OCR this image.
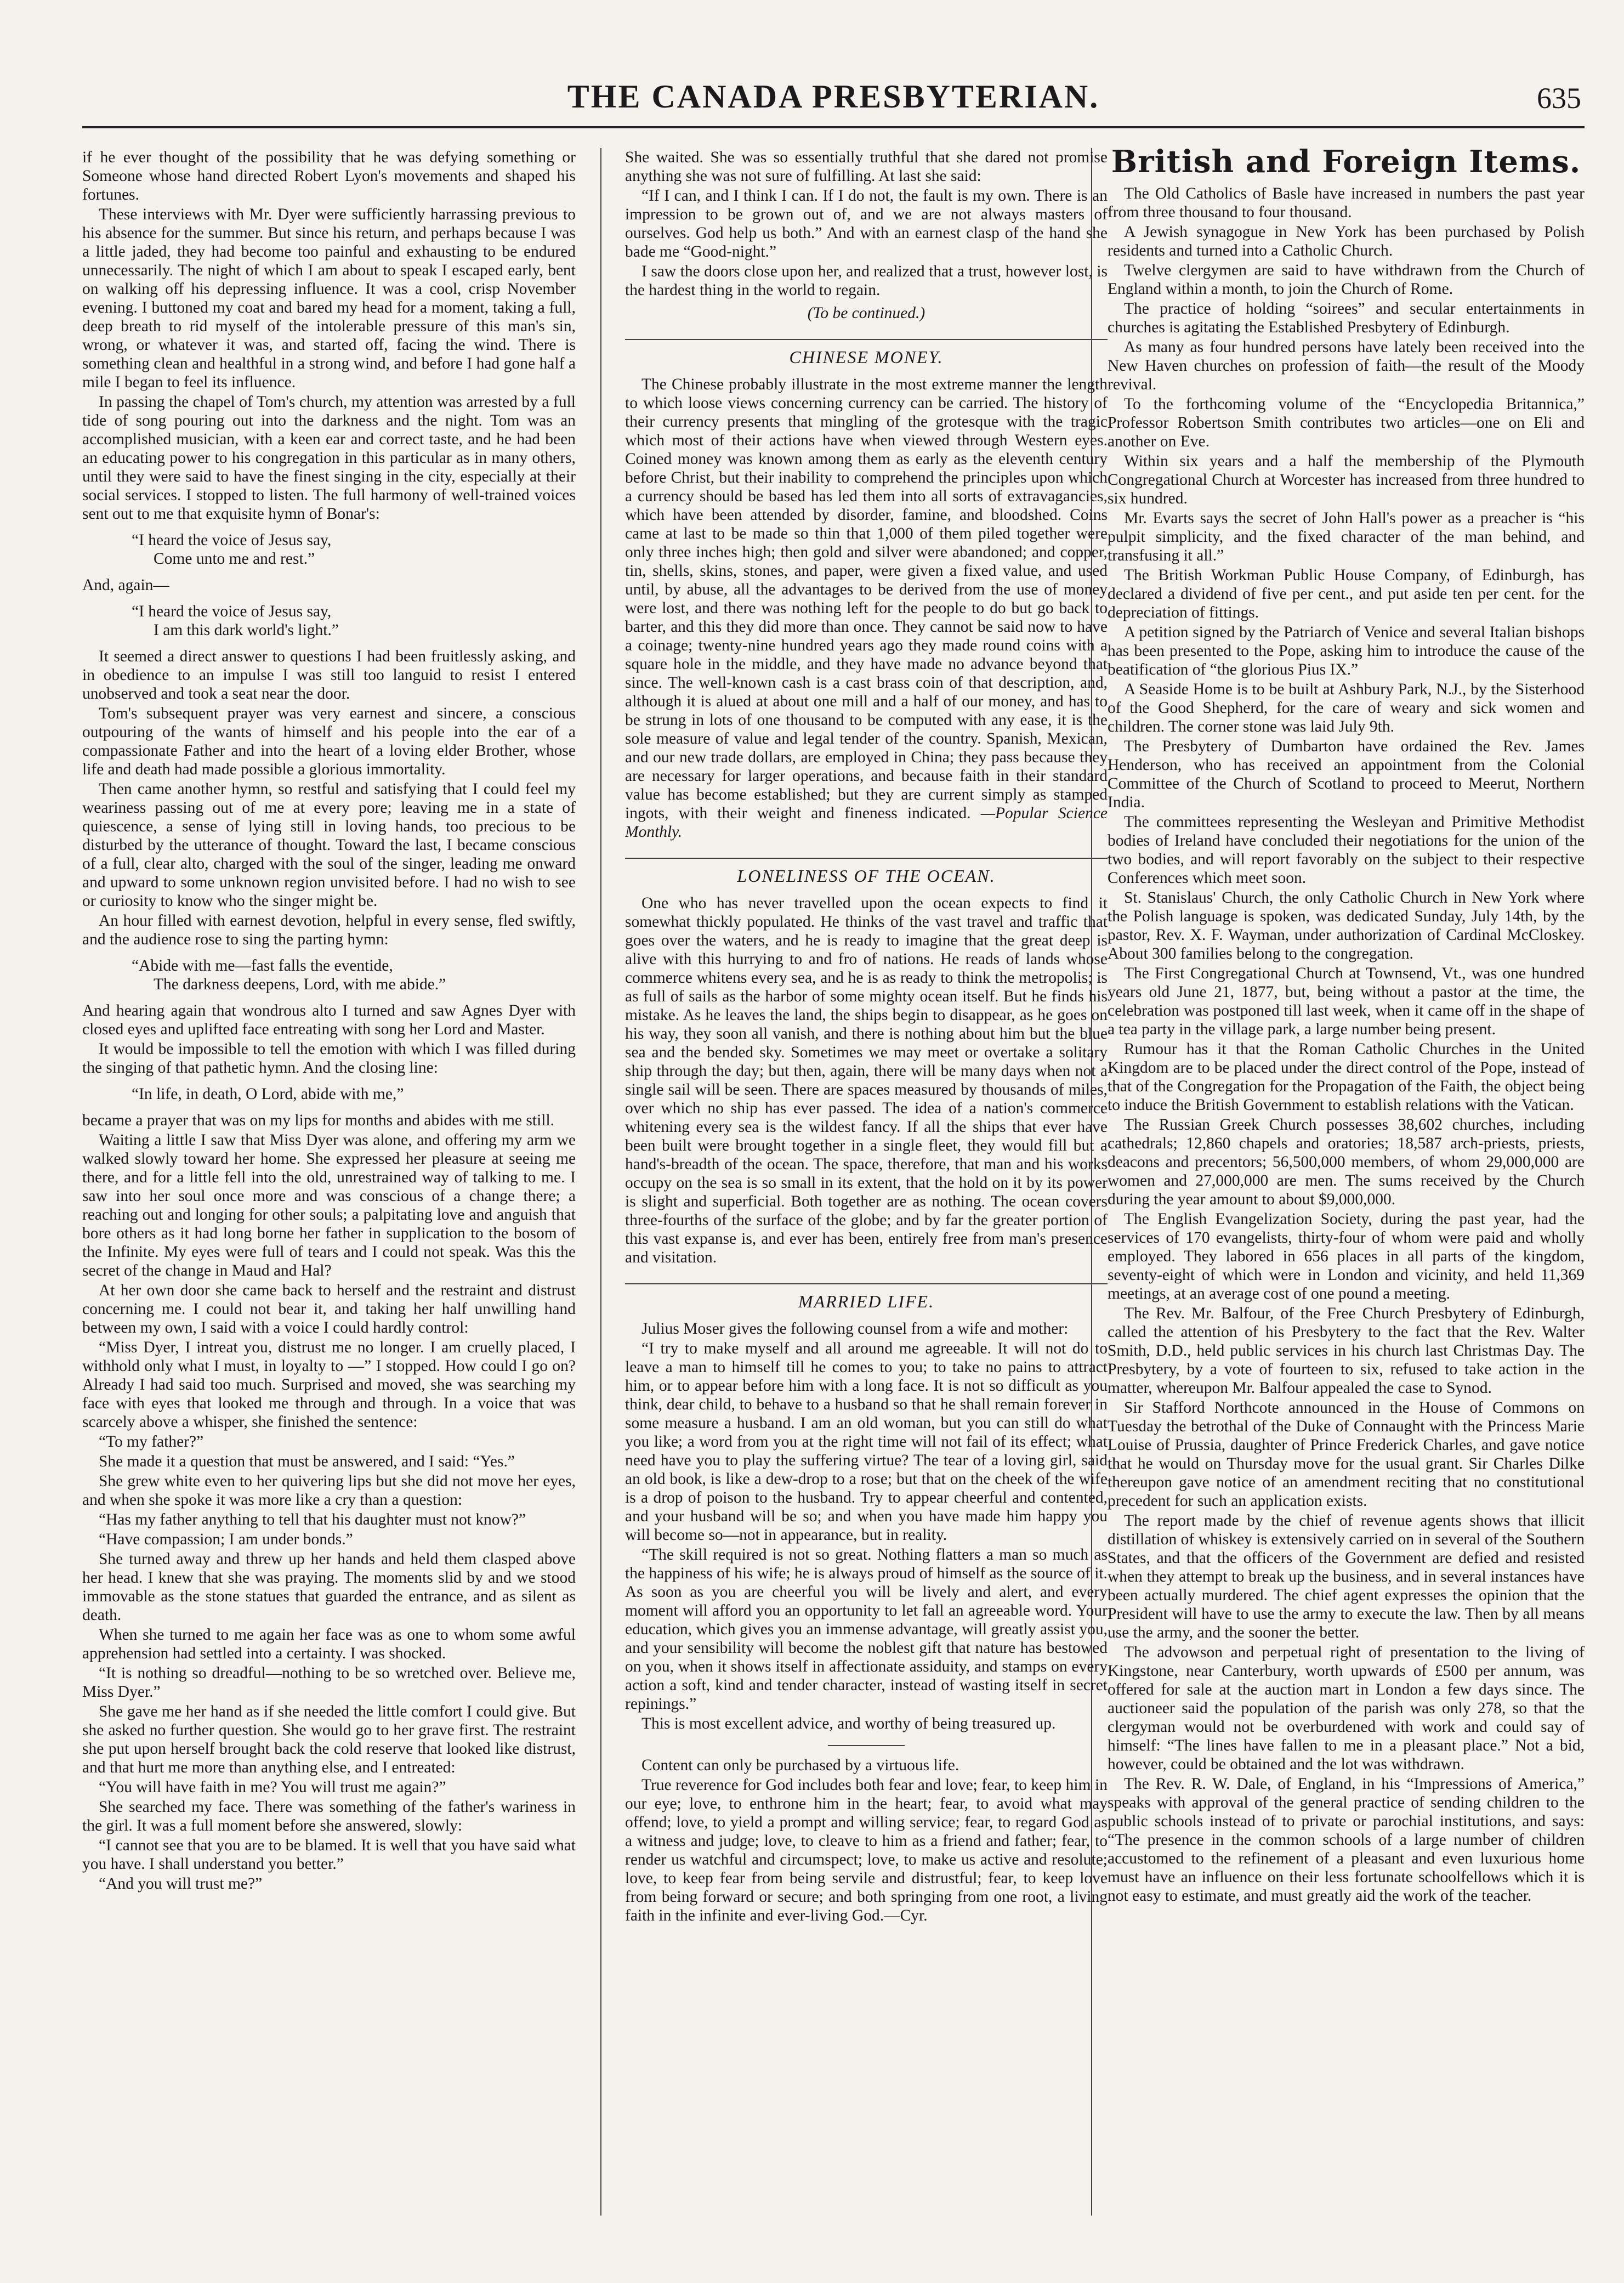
THE CANADA PRESBYTERIAN.	635

if he ever thought of the possibility that he was defying something or Someone whose hand directed Robert Lyon's movements and shaped his fortunes.

These interviews with Mr. Dyer were sufficiently harrassing previous to his absence for the summer. But since his return, and perhaps because I was a little jaded, they had become too painful and exhausting to be endured unnecessarily. The night of which I am about to speak I escaped early, bent on walking off his depressing influence. It was a cool, crisp November evening. I buttoned my coat and bared my head for a moment, taking a full, deep breath to rid myself of the intolerable pressure of this man's sin, wrong, or whatever it was, and started off, facing the wind. There is something clean and healthful in a strong wind, and before I had gone half a mile I began to feel its influence.

In passing the chapel of Tom's church, my attention was arrested by a full tide of song pouring out into the darkness and the night. Tom was an accomplished musician, with a keen ear and correct taste, and he had been an educating power to his congregation in this particular as in many others, until they were said to have the finest singing in the city, especially at their social services. I stopped to listen. The full harmony of well-trained voices sent out to me that exquisite hymn of Bonar's:

“I heard the voice of Jesus say,
Come unto me and rest.”

And, again—

“I heard the voice of Jesus say,
I am this dark world's light.”

It seemed a direct answer to questions I had been fruitlessly asking, and in obedience to an impulse I was still too languid to resist I entered unobserved and took a seat near the door.

Tom's subsequent prayer was very earnest and sincere, a conscious outpouring of the wants of himself and his people into the ear of a compassionate Father and into the heart of a loving elder Brother, whose life and death had made possible a glorious immortality.

Then came another hymn, so restful and satisfying that I could feel my weariness passing out of me at every pore; leaving me in a state of quiescence, a sense of lying still in loving hands, too precious to be disturbed by the utterance of thought. Toward the last, I became conscious of a full, clear alto, charged with the soul of the singer, leading me onward and upward to some unknown region unvisited before. I had no wish to see or curiosity to know who the singer might be.

An hour filled with earnest devotion, helpful in every sense, fled swiftly, and the audience rose to sing the parting hymn:

“Abide with me—fast falls the eventide,
The darkness deepens, Lord, with me abide.”

And hearing again that wondrous alto I turned and saw Agnes Dyer with closed eyes and uplifted face entreating with song her Lord and Master.

It would be impossible to tell the emotion with which I was filled during the singing of that pathetic hymn. And the closing line:

“In life, in death, O Lord, abide with me,”

became a prayer that was on my lips for months and abides with me still.

Waiting a little I saw that Miss Dyer was alone, and offering my arm we walked slowly toward her home. She expressed her pleasure at seeing me there, and for a little fell into the old, unrestrained way of talking to me. I saw into her soul once more and was conscious of a change there; a reaching out and longing for other souls; a palpitating love and anguish that bore others as it had long borne her father in supplication to the bosom of the Infinite. My eyes were full of tears and I could not speak. Was this the secret of the change in Maud and Hal?

At her own door she came back to herself and the restraint and distrust concerning me. I could not bear it, and taking her half unwilling hand between my own, I said with a voice I could hardly control:

“Miss Dyer, I intreat you, distrust me no longer. I am cruelly placed, I withhold only what I must, in loyalty to —” I stopped. How could I go on? Already I had said too much. Surprised and moved, she was searching my face with eyes that looked me through and through. In a voice that was scarcely above a whisper, she finished the sentence:

“To my father?”

She made it a question that must be answered, and I said: “Yes.”

She grew white even to her quivering lips but she did not move her eyes, and when she spoke it was more like a cry than a question:

“Has my father anything to tell that his daughter must not know?”

“Have compassion; I am under bonds.”

She turned away and threw up her hands and held them clasped above her head. I knew that she was praying. The moments slid by and we stood immovable as the stone statues that guarded the entrance, and as silent as death.

When she turned to me again her face was as one to whom some awful apprehension had settled into a certainty. I was shocked.

“It is nothing so dreadful—nothing to be so wretched over. Believe me, Miss Dyer.”

She gave me her hand as if she needed the little comfort I could give. But she asked no further question. She would go to her grave first. The restraint she put upon herself brought back the cold reserve that looked like distrust, and that hurt me more than anything else, and I entreated:

“You will have faith in me? You will trust me again?”

She searched my face. There was something of the father's wariness in the girl. It was a full moment before she answered, slowly:

“I cannot see that you are to be blamed. It is well that you have said what you have. I shall understand you better.”

“And you will trust me?”

She waited. She was so essentially truthful that she dared not promise anything she was not sure of fulfilling. At last she said:

“If I can, and I think I can. If I do not, the fault is my own. There is an impression to be grown out of, and we are not always masters of ourselves. God help us both.” And with an earnest clasp of the hand she bade me “Good-night.”

I saw the doors close upon her, and realized that a trust, however lost, is the hardest thing in the world to regain.

(To be continued.)
CHINESE MONEY.

The Chinese probably illustrate in the most extreme manner the length to which loose views concerning currency can be carried. The history of their currency presents that mingling of the grotesque with the tragic which most of their actions have when viewed through Western eyes. Coined money was known among them as early as the eleventh century before Christ, but their inability to comprehend the principles upon which a currency should be based has led them into all sorts of extravagancies, which have been attended by disorder, famine, and bloodshed. Coins came at last to be made so thin that 1,000 of them piled together were only three inches high; then gold and silver were abandoned; and copper, tin, shells, skins, stones, and paper, were given a fixed value, and used until, by abuse, all the advantages to be derived from the use of money were lost, and there was nothing left for the people to do but go back to barter, and this they did more than once. They cannot be said now to have a coinage; twenty-nine hundred years ago they made round coins with a square hole in the middle, and they have made no advance beyond that since. The well-known cash is a cast brass coin of that description, and, although it is alued at about one mill and a half of our money, and has to be strung in lots of one thousand to be computed with any ease, it is the sole measure of value and legal tender of the country. Spanish, Mexican, and our new trade dollars, are employed in China; they pass because they are necessary for larger operations, and because faith in their standard value has become established; but they are current simply as stamped ingots, with their weight and fineness indicated. —Popular Science Monthly.

LONELINESS OF THE OCEAN.

One who has never travelled upon the ocean expects to find it somewhat thickly populated. He thinks of the vast travel and traffic that goes over the waters, and he is ready to imagine that the great deep is alive with this hurrying to and fro of nations. He reads of lands whose commerce whitens every sea, and he is as ready to think the metropolis; is as full of sails as the harbor of some mighty ocean itself. But he finds his mistake. As he leaves the land, the ships begin to disappear, as he goes on his way, they soon all vanish, and there is nothing about him but the blue sea and the bended sky. Sometimes we may meet or overtake a solitary ship through the day; but then, again, there will be many days when not a single sail will be seen. There are spaces measured by thousands of miles, over which no ship has ever passed. The idea of a nation's commerce whitening every sea is the wildest fancy. If all the ships that ever have been built were brought together in a single fleet, they would fill but a hand's-breadth of the ocean. The space, therefore, that man and his works occupy on the sea is so small in its extent, that the hold on it by its power is slight and superficial. Both together are as nothing. The ocean covers three-fourths of the surface of the globe; and by far the greater portion of this vast expanse is, and ever has been, entirely free from man's presence and visitation.

MARRIED LIFE.

Julius Moser gives the following counsel from a wife and mother:

“I try to make myself and all around me agreeable. It will not do to leave a man to himself till he comes to you; to take no pains to attract him, or to appear before him with a long face. It is not so difficult as you think, dear child, to behave to a husband so that he shall remain forever in some measure a husband. I am an old woman, but you can still do what you like; a word from you at the right time will not fail of its effect; what need have you to play the suffering virtue? The tear of a loving girl, said an old book, is like a dew-drop to a rose; but that on the cheek of the wife is a drop of poison to the husband. Try to appear cheerful and contented, and your husband will be so; and when you have made him happy you will become so—not in appearance, but in reality.

“The skill required is not so great. Nothing flatters a man so much as the happiness of his wife; he is always proud of himself as the source of it. As soon as you are cheerful you will be lively and alert, and every moment will afford you an opportunity to let fall an agreeable word. Your education, which gives you an immense advantage, will greatly assist you, and your sensibility will become the noblest gift that nature has bestowed on you, when it shows itself in affectionate assiduity, and stamps on every action a soft, kind and tender character, instead of wasting itself in secret repinings.”

This is most excellent advice, and worthy of being treasured up.

Content can only be purchased by a virtuous life.

True reverence for God includes both fear and love; fear, to keep him in our eye; love, to enthrone him in the heart; fear, to avoid what may offend; love, to yield a prompt and willing service; fear, to regard God as a witness and judge; love, to cleave to him as a friend and father; fear, to render us watchful and circumspect; love, to make us active and resolute; love, to keep fear from being servile and distrustful; fear, to keep love from being forward or secure; and both springing from one root, a living faith in the infinite and ever-living God.—Cyr.

British and Foreign Items.

The Old Catholics of Basle have increased in numbers the past year from three thousand to four thousand.

A Jewish synagogue in New York has been purchased by Polish residents and turned into a Catholic Church.

Twelve clergymen are said to have withdrawn from the Church of England within a month, to join the Church of Rome.

The practice of holding “soirees” and secular entertainments in churches is agitating the Established Presbytery of Edinburgh.

As many as four hundred persons have lately been received into the New Haven churches on profession of faith—the result of the Moody revival.

To the forthcoming volume of the “Encyclopedia Britannica,” Professor Robertson Smith contributes two articles—one on Eli and another on Eve.

Within six years and a half the membership of the Plymouth Congregational Church at Worcester has increased from three hundred to six hundred.

Mr. Evarts says the secret of John Hall's power as a preacher is “his pulpit simplicity, and the fixed character of the man behind, and transfusing it all.”

The British Workman Public House Company, of Edinburgh, has declared a dividend of five per cent., and put aside ten per cent. for the depreciation of fittings.

A petition signed by the Patriarch of Venice and several Italian bishops has been presented to the Pope, asking him to introduce the cause of the beatification of “the glorious Pius IX.”

A Seaside Home is to be built at Ashbury Park, N.J., by the Sisterhood of the Good Shepherd, for the care of weary and sick women and children. The corner stone was laid July 9th.

The Presbytery of Dumbarton have ordained the Rev. James Henderson, who has received an appointment from the Colonial Committee of the Church of Scotland to proceed to Meerut, Northern India.

The committees representing the Wesleyan and Primitive Methodist bodies of Ireland have concluded their negotiations for the union of the two bodies, and will report favorably on the subject to their respective Conferences which meet soon.

St. Stanislaus' Church, the only Catholic Church in New York where the Polish language is spoken, was dedicated Sunday, July 14th, by the pastor, Rev. X. F. Wayman, under authorization of Cardinal McCloskey. About 300 families belong to the congregation.

The First Congregational Church at Townsend, Vt., was one hundred years old June 21, 1877, but, being without a pastor at the time, the celebration was postponed till last week, when it came off in the shape of a tea party in the village park, a large number being present.

Rumour has it that the Roman Catholic Churches in the United Kingdom are to be placed under the direct control of the Pope, instead of that of the Congregation for the Propagation of the Faith, the object being to induce the British Government to establish relations with the Vatican.

The Russian Greek Church possesses 38,602 churches, including cathedrals; 12,860 chapels and oratories; 18,587 arch-priests, priests, deacons and precentors; 56,500,000 members, of whom 29,000,000 are women and 27,000,000 are men. The sums received by the Church during the year amount to about $9,000,000.

The English Evangelization Society, during the past year, had the services of 170 evangelists, thirty-four of whom were paid and wholly employed. They labored in 656 places in all parts of the kingdom, seventy-eight of which were in London and vicinity, and held 11,369 meetings, at an average cost of one pound a meeting.

The Rev. Mr. Balfour, of the Free Church Presbytery of Edinburgh, called the attention of his Presbytery to the fact that the Rev. Walter Smith, D.D., held public services in his church last Christmas Day. The Presbytery, by a vote of fourteen to six, refused to take action in the matter, whereupon Mr. Balfour appealed the case to Synod.

Sir Stafford Northcote announced in the House of Commons on Tuesday the betrothal of the Duke of Connaught with the Princess Marie Louise of Prussia, daughter of Prince Frederick Charles, and gave notice that he would on Thursday move for the usual grant. Sir Charles Dilke thereupon gave notice of an amendment reciting that no constitutional precedent for such an application exists.

The report made by the chief of revenue agents shows that illicit distillation of whiskey is extensively carried on in several of the Southern States, and that the officers of the Government are defied and resisted when they attempt to break up the business, and in several instances have been actually murdered. The chief agent expresses the opinion that the President will have to use the army to execute the law. Then by all means use the army, and the sooner the better.

The advowson and perpetual right of presentation to the living of Kingstone, near Canterbury, worth upwards of £500 per annum, was offered for sale at the auction mart in London a few days since. The auctioneer said the population of the parish was only 278, so that the clergyman would not be overburdened with work and could say of himself: “The lines have fallen to me in a pleasant place.” Not a bid, however, could be obtained and the lot was withdrawn.

The Rev. R. W. Dale, of England, in his “Impressions of America,” speaks with approval of the general practice of sending children to the public schools instead of to private or parochial institutions, and says: “The presence in the common schools of a large number of children accustomed to the refinement of a pleasant and even luxurious home must have an influence on their less fortunate schoolfellows which it is not easy to estimate, and must greatly aid the work of the teacher.
